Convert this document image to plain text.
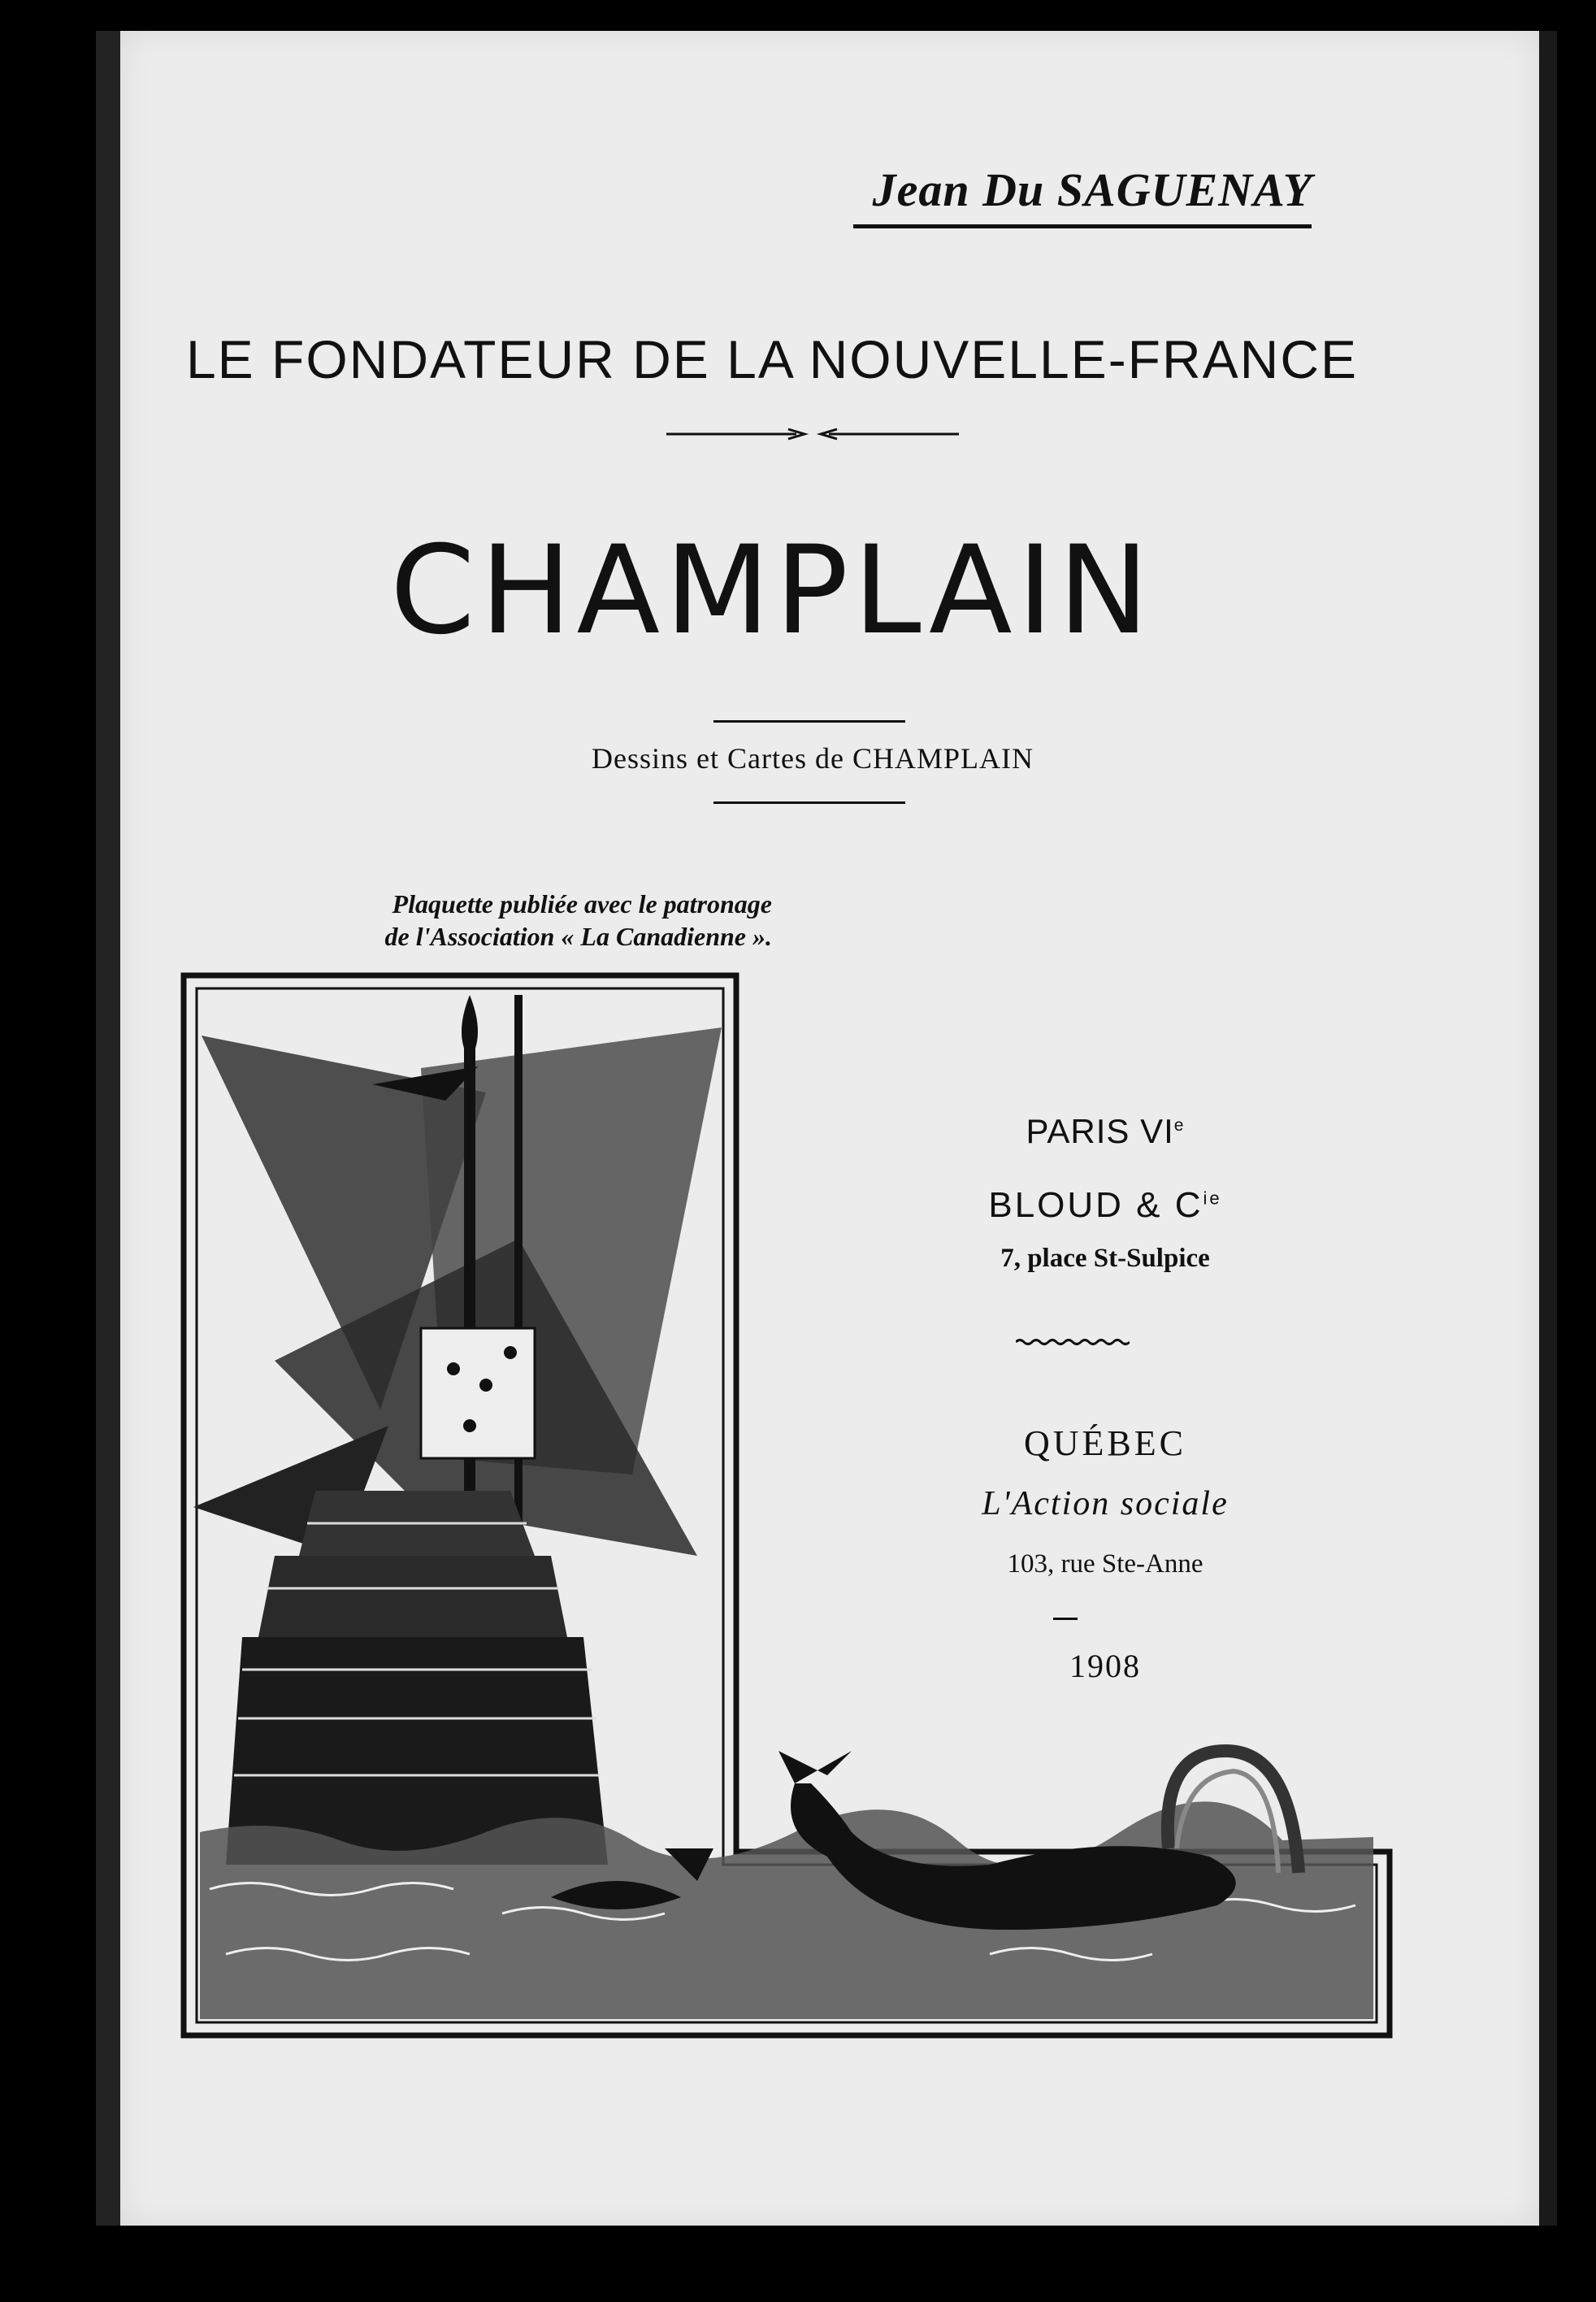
Jean Du SAGUENAY
LE FONDATEUR DE LA NOUVELLE-FRANCE
CHAMPLAIN
Dessins et Cartes de CHAMPLAIN
Plaquette publiée avec le patronage
de l'Association « La Canadienne ».
PARIS VIe
BLOUD & $C^{ie}$
7, place St-Sulpice
QUÉBEC
L'Action sociale
103, rue Ste-Anne
1908
